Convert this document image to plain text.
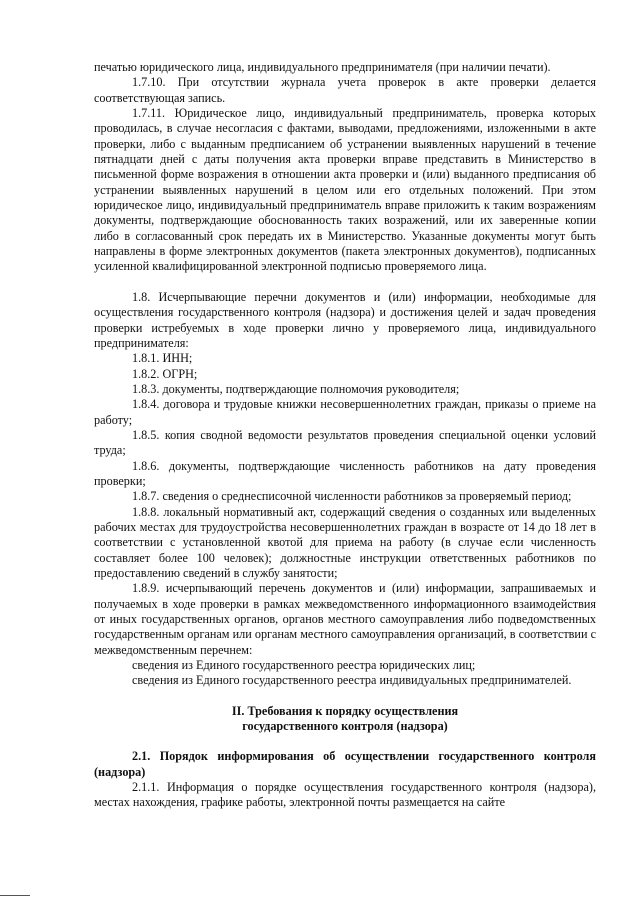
печатью юридического лица, индивидуального предпринимателя (при наличии печати).

1.7.10. При отсутствии журнала учета проверок в акте проверки делается соответствующая запись.

1.7.11. Юридическое лицо, индивидуальный предприниматель, проверка которых проводилась, в случае несогласия с фактами, выводами, предложениями, изложенными в акте проверки, либо с выданным предписанием об устранении выявленных нарушений в течение пятнадцати дней с даты получения акта проверки вправе представить в Министерство в письменной форме возражения в отношении акта проверки и (или) выданного предписания об устранении выявленных нарушений в целом или его отдельных положений. При этом юридическое лицо, индивидуальный предприниматель вправе приложить к таким возражениям документы, подтверждающие обоснованность таких возражений, или их заверенные копии либо в согласованный срок передать их в Министерство. Указанные документы могут быть направлены в форме электронных документов (пакета электронных документов), подписанных усиленной квалифицированной электронной подписью проверяемого лица.

1.8. Исчерпывающие перечни документов и (или) информации, необходимые для осуществления государственного контроля (надзора) и достижения целей и задач проведения проверки истребуемых в ходе проверки лично у проверяемого лица, индивидуального предпринимателя:

1.8.1. ИНН;

1.8.2. ОГРН;

1.8.3. документы, подтверждающие полномочия руководителя;

1.8.4. договора и трудовые книжки несовершеннолетних граждан, приказы о приеме на работу;

1.8.5. копия сводной ведомости результатов проведения специальной оценки условий труда;

1.8.6. документы, подтверждающие численность работников на дату проведения проверки;

1.8.7. сведения о среднесписочной численности работников за проверяемый период;

1.8.8. локальный нормативный акт, содержащий сведения о созданных или выделенных рабочих местах для трудоустройства несовершеннолетних граждан в возрасте от 14 до 18 лет в соответствии с установленной квотой для приема на работу (в случае если численность составляет более 100 человек); должностные инструкции ответственных работников по предоставлению сведений в службу занятости;

1.8.9. исчерпывающий перечень документов и (или) информации, запрашиваемых и получаемых в ходе проверки в рамках межведомственного информационного взаимодействия от иных государственных органов, органов местного самоуправления либо подведомственных государственным органам или органам местного самоуправления организаций, в соответствии с межведомственным перечнем:

сведения из Единого государственного реестра юридических лиц;

сведения из Единого государственного реестра индивидуальных предпринимателей.

II. Требования к порядку осуществления

государственного контроля (надзора)

2.1. Порядок информирования об осуществлении государственного контроля (надзора)

2.1.1. Информация о порядке осуществления государственного контроля (надзора), местах нахождения, графике работы, электронной почты размещается на сайте
